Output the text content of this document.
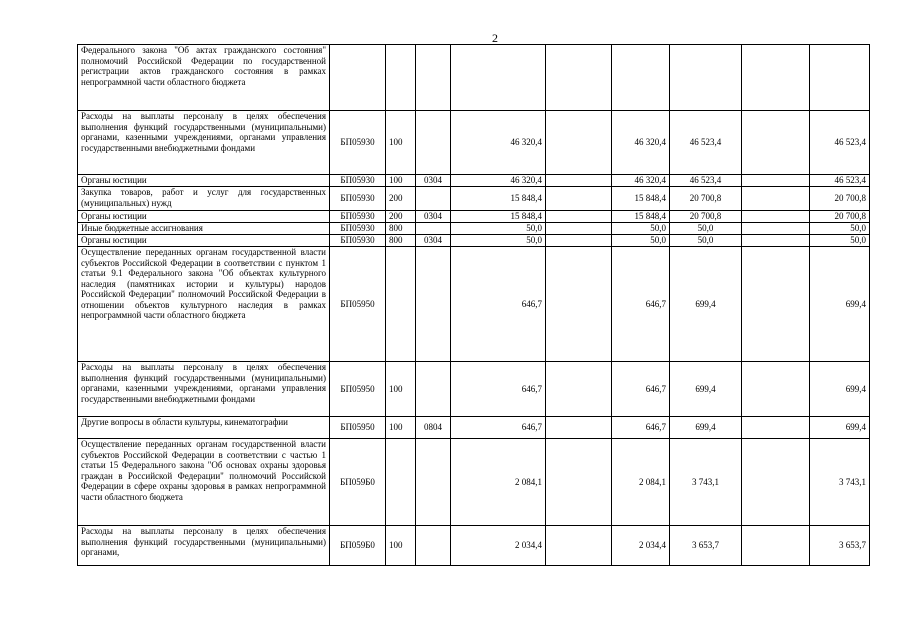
2
Федерального закона "Об актах гражданского состояния" полномочий Российской Федерации по государственной регистрации актов гражданского состояния в рамках непрограммной части областного бюджета									
Расходы на выплаты персоналу в целях обеспечения выполнения функций государственными (муниципальными) органами, казенными учреждениями, органами управления государственными внебюджетными фондами	БП05930	100		46 320,4		46 320,4	46 523,4		46 523,4
Органы юстиции	БП05930	100	0304	46 320,4		46 320,4	46 523,4		46 523,4
Закупка товаров, работ и услуг для государственных (муниципальных) нужд	БП05930	200		15 848,4		15 848,4	20 700,8		20 700,8
Органы юстиции	БП05930	200	0304	15 848,4		15 848,4	20 700,8		20 700,8
Иные бюджетные ассигнования	БП05930	800		50,0		50,0	50,0		50,0
Органы юстиции	БП05930	800	0304	50,0		50,0	50,0		50,0
Осуществление переданных органам государственной власти субъектов Российской Федерации в соответствии с пунктом 1 статьи 9.1 Федерального закона "Об объектах культурного наследия (памятниках истории и культуры) народов Российской Федерации" полномочий Российской Федерации в отношении объектов культурного наследия в рамках непрограммной части областного бюджета	БП05950			646,7		646,7	699,4		699,4
Расходы на выплаты персоналу в целях обеспечения выполнения функций государственными (муниципальными) органами, казенными учреждениями, органами управления государственными внебюджетными фондами	БП05950	100		646,7		646,7	699,4		699,4
Другие вопросы в области культуры, кинематографии	БП05950	100	0804	646,7		646,7	699,4		699,4
Осуществление переданных органам государственной власти субъектов Российской Федерации в соответствии с частью 1 статьи 15 Федерального закона "Об основах охраны здоровья граждан в Российской Федерации" полномочий Российской Федерации в сфере охраны здоровья в рамках непрограммной части областного бюджета	БП059Б0			2 084,1		2 084,1	3 743,1		3 743,1
Расходы на выплаты персоналу в целях обеспечения выполнения функций государственными (муниципальными) органами,	БП059Б0	100		2 034,4		2 034,4	3 653,7		3 653,7
